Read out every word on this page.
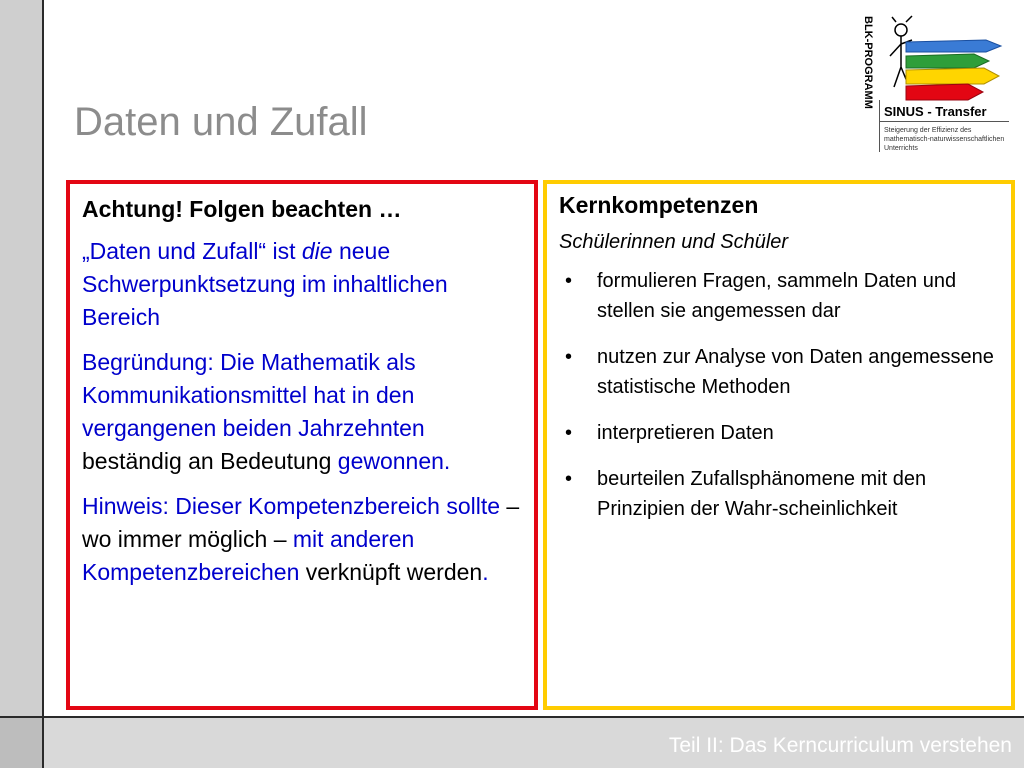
Daten und Zufall
BLK-PROGRAMM
SINUS - Transfer
Steigerung der Effizienz des mathematisch-naturwissenschaftlichen Unterrichts
Achtung! Folgen beachten …

„Daten und Zufall“ ist die neue Schwerpunktsetzung im inhaltlichen Bereich

Begründung: Die Mathematik als Kommunikationsmittel hat in den vergangenen beiden Jahrzehnten beständig an Bedeutung gewonnen.

Hinweis: Dieser Kompetenzbereich sollte – wo immer möglich – mit anderen Kompetenzbereichen verknüpft werden.

Kernkompetenzen
Schülerinnen und Schüler
• formulieren Fragen, sammeln Daten und stellen sie angemessen dar
• nutzen zur Analyse von Daten angemessene statistische Methoden
• interpretieren Daten
• beurteilen Zufallsphänomene mit den Prinzipien der Wahr-scheinlichkeit
Teil II: Das Kerncurriculum verstehen
